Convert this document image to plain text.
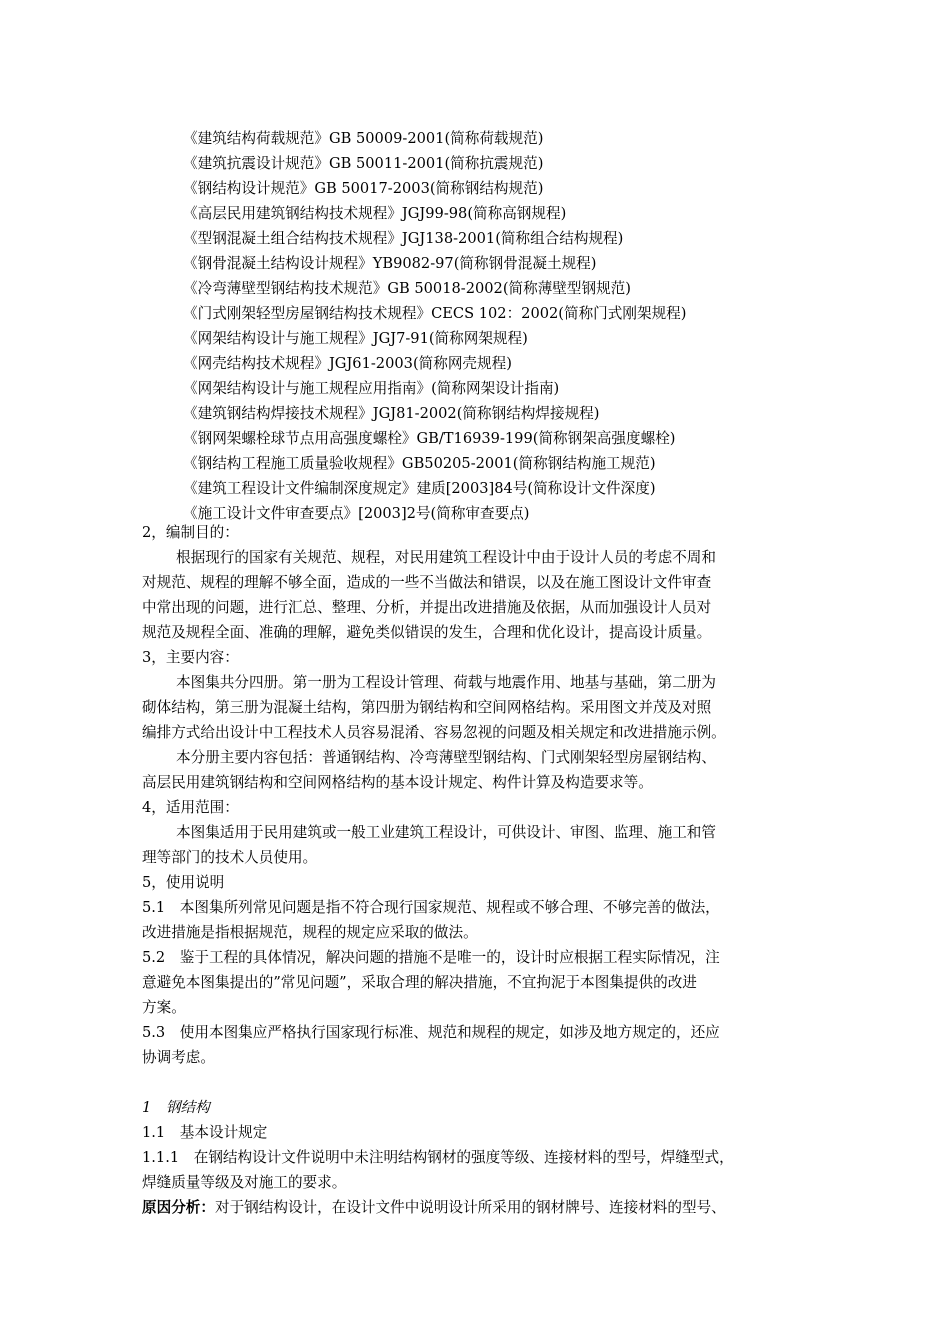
《建筑结构荷载规范》GB 50009-2001(简称荷载规范)
《建筑抗震设计规范》GB 50011-2001(简称抗震规范)
《钢结构设计规范》GB 50017-2003(简称钢结构规范)
《高层民用建筑钢结构技术规程》JGJ99-98(简称高钢规程)
《型钢混凝土组合结构技术规程》JGJ138-2001(简称组合结构规程)
《钢骨混凝土结构设计规程》YB9082-97(简称钢骨混凝土规程)
《冷弯薄壁型钢结构技术规范》GB 50018-2002(简称薄壁型钢规范)
《门式刚架轻型房屋钢结构技术规程》CECS 102：2002(简称门式刚架规程)
《网架结构设计与施工规程》JGJ7-91(简称网架规程)
《网壳结构技术规程》JGJ61-2003(简称网壳规程)
《网架结构设计与施工规程应用指南》(简称网架设计指南)
《建筑钢结构焊接技术规程》JGJ81-2002(简称钢结构焊接规程)
《钢网架螺栓球节点用高强度螺栓》GB/T16939-199(简称钢架高强度螺栓)
《钢结构工程施工质量验收规程》GB50205-2001(简称钢结构施工规范)
《建筑工程设计文件编制深度规定》建质[2003]84号(简称设计文件深度)
《施工设计文件审查要点》[2003]2号(简称审查要点)
2，编制目的：
根据现行的国家有关规范、规程，对民用建筑工程设计中由于设计人员的考虑不周和
对规范、规程的理解不够全面，造成的一些不当做法和错误，以及在施工图设计文件审查
中常出现的问题，进行汇总、整理、分析，并提出改进措施及依据，从而加强设计人员对
规范及规程全面、准确的理解，避免类似错误的发生，合理和优化设计，提高设计质量。
3，主要内容：
本图集共分四册。第一册为工程设计管理、荷载与地震作用、地基与基础，第二册为
砌体结构，第三册为混凝土结构，第四册为钢结构和空间网格结构。采用图文并茂及对照
编排方式给出设计中工程技术人员容易混淆、容易忽视的问题及相关规定和改进措施示例。
本分册主要内容包括：普通钢结构、冷弯薄壁型钢结构、门式刚架轻型房屋钢结构、
高层民用建筑钢结构和空间网格结构的基本设计规定、构件计算及构造要求等。
4，适用范围：
本图集适用于民用建筑或一般工业建筑工程设计，可供设计、审图、监理、施工和管
理等部门的技术人员使用。
5，使用说明
5.1　本图集所列常见问题是指不符合现行国家规范、规程或不够合理、不够完善的做法，
改进措施是指根据规范，规程的规定应采取的做法。
5.2　鉴于工程的具体情况，解决问题的措施不是唯一的，设计时应根据工程实际情况，注
意避免本图集提出的”常见问题”，采取合理的解决措施，不宜拘泥于本图集提供的改进
方案。
5.3　使用本图集应严格执行国家现行标准、规范和规程的规定，如涉及地方规定的，还应
协调考虑。
1　钢结构
1.1　基本设计规定
1.1.1　在钢结构设计文件说明中未注明结构钢材的强度等级、连接材料的型号，焊缝型式，
焊缝质量等级及对施工的要求。
原因分析：对于钢结构设计，在设计文件中说明设计所采用的钢材牌号、连接材料的型号、
